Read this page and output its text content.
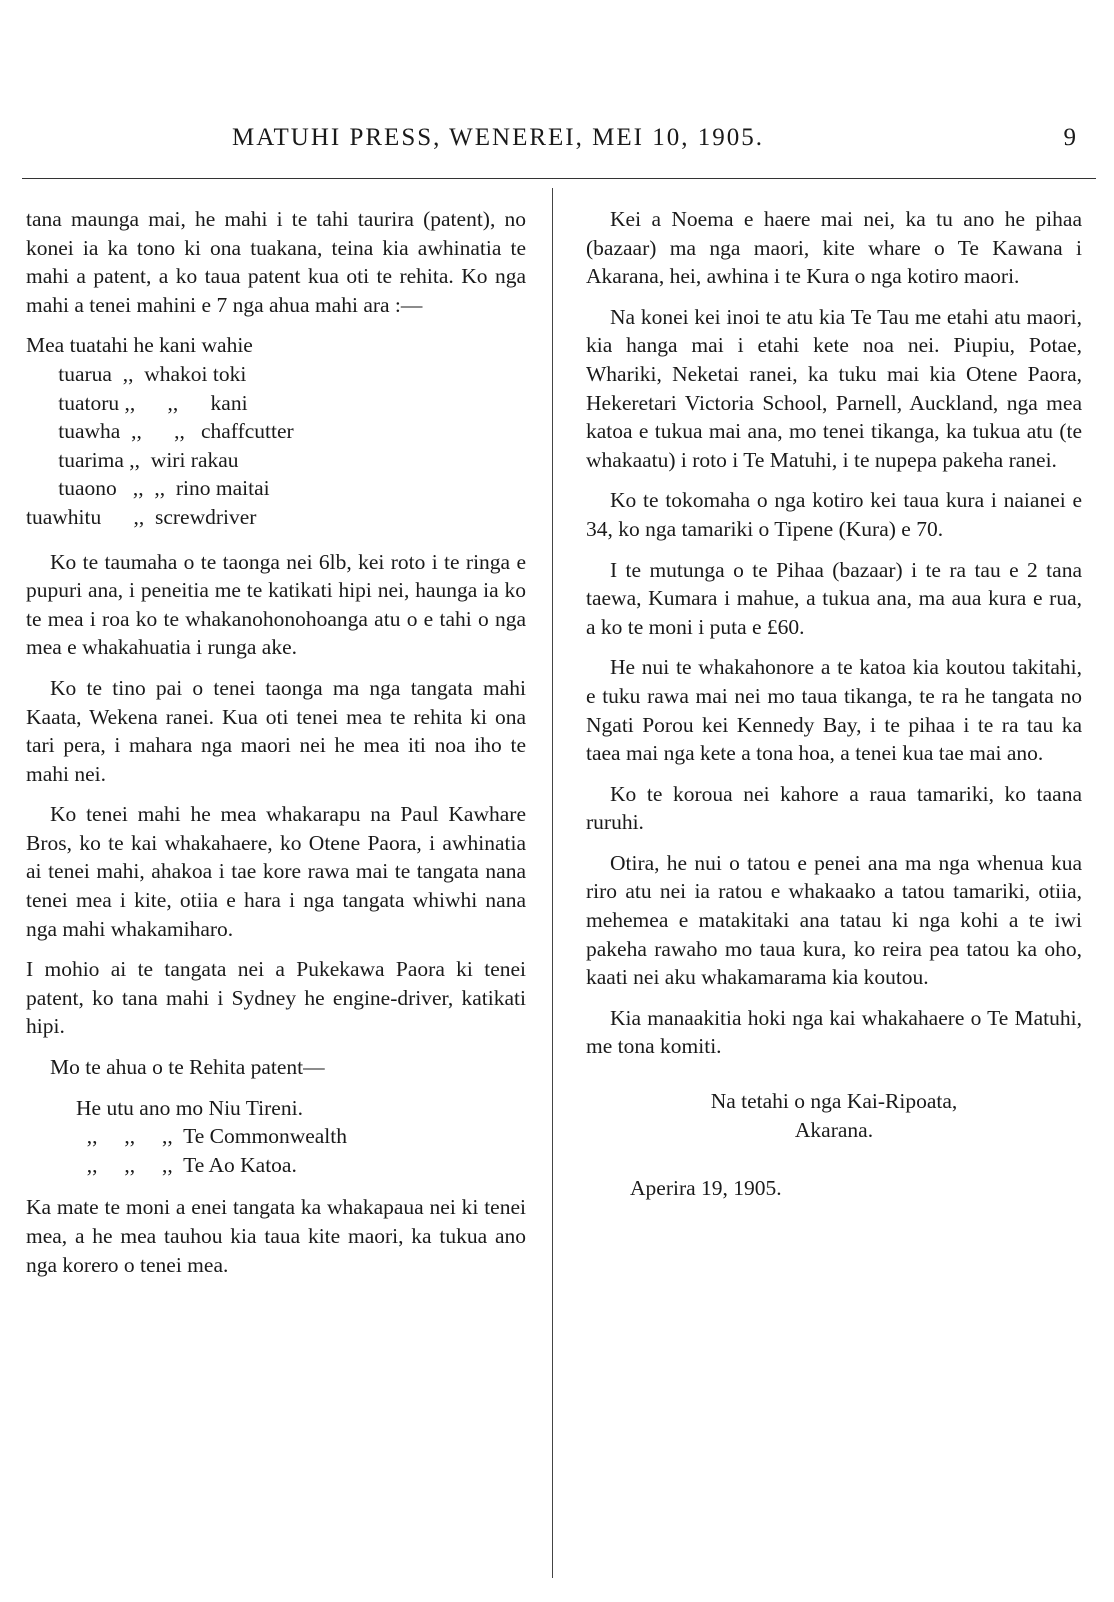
MATUHI PRESS, WENEREI, MEI 10, 1905.	9

tana maunga mai, he mahi i te tahi taurira (patent), no konei ia ka tono ki ona tuakana, teina kia awhinatia te mahi a patent, a ko taua patent kua oti te rehita. Ko nga mahi a tenei mahini e 7 nga ahua mahi ara :—

Mea tuatahi he kani wahie
tuarua  ,,  whakoi toki
tuatoru ,,      ,,      kani
tuawha  ,,      ,,   chaffcutter
tuarima ,,  wiri rakau
tuaono   ,,  ,,  rino maitai
tuawhitu      ,,  screwdriver

Ko te taumaha o te taonga nei 6lb, kei roto i te ringa e pupuri ana, i peneitia me te katikati hipi nei, haunga ia ko te mea i roa ko te whakanohonohoanga atu o e tahi o nga mea e whakahuatia i runga ake.

Ko te tino pai o tenei taonga ma nga tangata mahi Kaata, Wekena ranei. Kua oti tenei mea te rehita ki ona tari pera, i mahara nga maori nei he mea iti noa iho te mahi nei.

Ko tenei mahi he mea whakarapu na Paul Kawhare Bros, ko te kai whakahaere, ko Otene Paora, i awhinatia ai tenei mahi, ahakoa i tae kore rawa mai te tangata nana tenei mea i kite, otiia e hara i nga tangata whiwhi nana nga mahi whakamiharo.

I mohio ai te tangata nei a Pukekawa Paora ki tenei patent, ko tana mahi i Sydney he engine-driver, katikati hipi.

Mo te ahua o te Rehita patent—

He utu ano mo Niu Tireni.
,,     ,,     ,,  Te Commonwealth
,,     ,,     ,,  Te Ao Katoa.

Ka mate te moni a enei tangata ka whakapaua nei ki tenei mea, a he mea tauhou kia taua kite maori, ka tukua ano nga korero o tenei mea.

Kei a Noema e haere mai nei, ka tu ano he pihaa (bazaar) ma nga maori, kite whare o Te Kawana i Akarana, hei, awhina i te Kura o nga kotiro maori.

Na konei kei inoi te atu kia Te Tau me etahi atu maori, kia hanga mai i etahi kete noa nei. Piupiu, Potae, Whariki, Neketai ranei, ka tuku mai kia Otene Paora, Hekeretari Victoria School, Parnell, Auckland, nga mea katoa e tukua mai ana, mo tenei tikanga, ka tukua atu (te whakaatu) i roto i Te Matuhi, i te nupepa pakeha ranei.

Ko te tokomaha o nga kotiro kei taua kura i naianei e 34, ko nga tamariki o Tipene (Kura) e 70.

I te mutunga o te Pihaa (bazaar) i te ra tau e 2 tana taewa, Kumara i mahue, a tukua ana, ma aua kura e rua, a ko te moni i puta e £60.

He nui te whakahonore a te katoa kia koutou takitahi, e tuku rawa mai nei mo taua tikanga, te ra he tangata no Ngati Porou kei Kennedy Bay, i te pihaa i te ra tau ka taea mai nga kete a tona hoa, a tenei kua tae mai ano.

Ko te koroua nei kahore a raua tamariki, ko taana ruruhi.

Otira, he nui o tatou e penei ana ma nga whenua kua riro atu nei ia ratou e whakaako a tatou tamariki, otiia, mehemea e matakitaki ana tatau ki nga kohi a te iwi pakeha rawaho mo taua kura, ko reira pea tatou ka oho, kaati nei aku whakamarama kia koutou.

Kia manaakitia hoki nga kai whakahaere o Te Matuhi, me tona komiti.

Na tetahi o nga Kai-Ripoata,
Akarana.
Aperira 19, 1905.
